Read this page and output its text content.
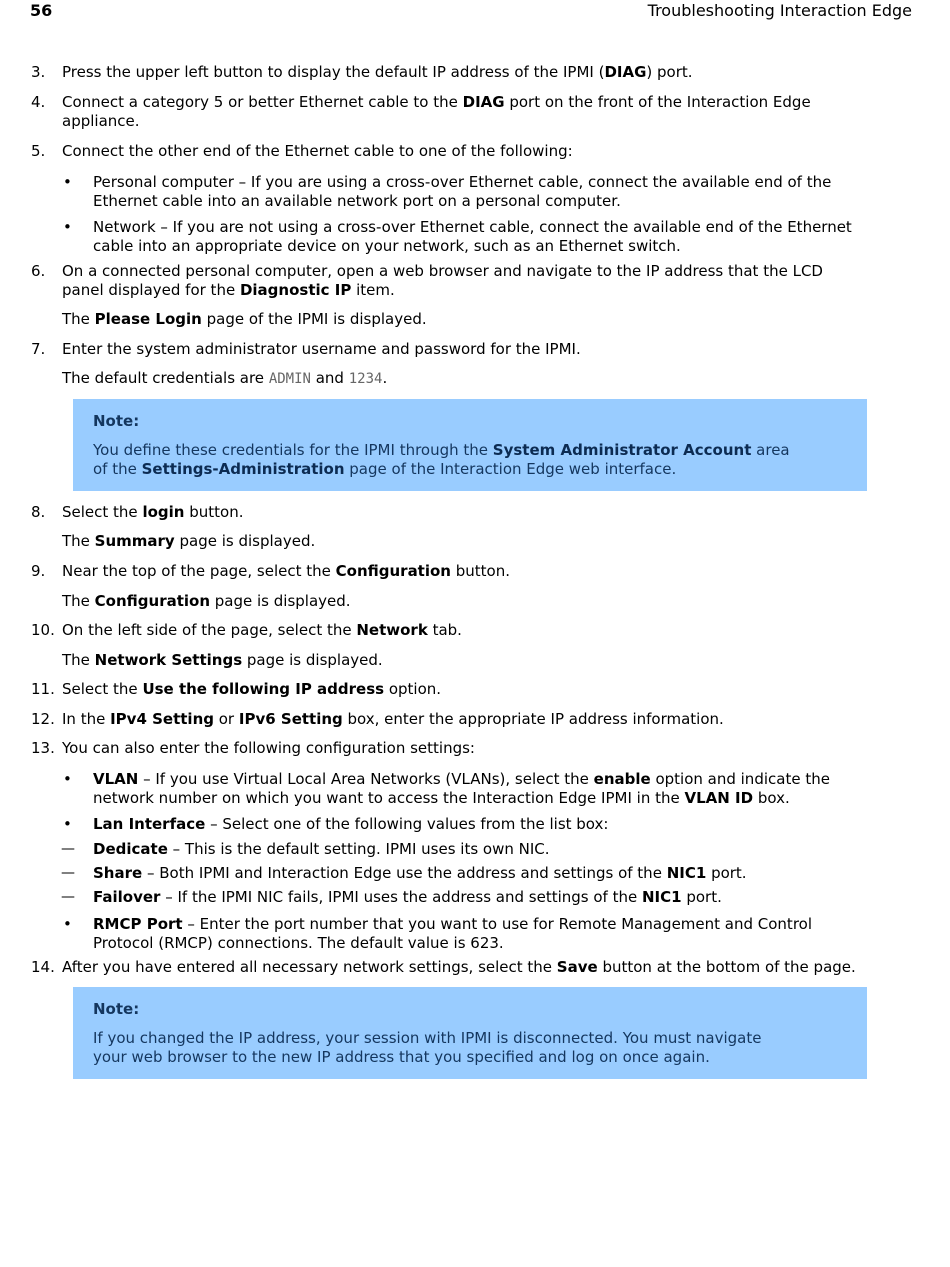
56	Troubleshooting Interaction Edge
3. Press the upper left button to display the default IP address of the IPMI (DIAG) port.
4. Connect a category 5 or better Ethernet cable to the DIAG port on the front of the Interaction Edge
appliance.
5. Connect the other end of the Ethernet cable to one of the following:
• Personal computer – If you are using a cross-over Ethernet cable, connect the available end of the
Ethernet cable into an available network port on a personal computer.
• Network – If you are not using a cross-over Ethernet cable, connect the available end of the Ethernet
cable into an appropriate device on your network, such as an Ethernet switch.
6. On a connected personal computer, open a web browser and navigate to the IP address that the LCD
panel displayed for the Diagnostic IP item.
The Please Login page of the IPMI is displayed.
7. Enter the system administrator username and password for the IPMI.
The default credentials are ADMIN and 1234.
Note:
You define these credentials for the IPMI through the System Administrator Account area
of the Settings-Administration page of the Interaction Edge web interface.
8. Select the login button.
The Summary page is displayed.
9. Near the top of the page, select the Configuration button.
The Configuration page is displayed.
10. On the left side of the page, select the Network tab.
The Network Settings page is displayed.
11. Select the Use the following IP address option.
12. In the IPv4 Setting or IPv6 Setting box, enter the appropriate IP address information.
13. You can also enter the following configuration settings:
• VLAN – If you use Virtual Local Area Networks (VLANs), select the enable option and indicate the
network number on which you want to access the Interaction Edge IPMI in the VLAN ID box.
• Lan Interface – Select one of the following values from the list box:
— Dedicate – This is the default setting. IPMI uses its own NIC.
— Share – Both IPMI and Interaction Edge use the address and settings of the NIC1 port.
— Failover – If the IPMI NIC fails, IPMI uses the address and settings of the NIC1 port.
• RMCP Port – Enter the port number that you want to use for Remote Management and Control
Protocol (RMCP) connections. The default value is 623.
14. After you have entered all necessary network settings, select the Save button at the bottom of the page.
Note:
If you changed the IP address, your session with IPMI is disconnected. You must navigate
your web browser to the new IP address that you specified and log on once again.
